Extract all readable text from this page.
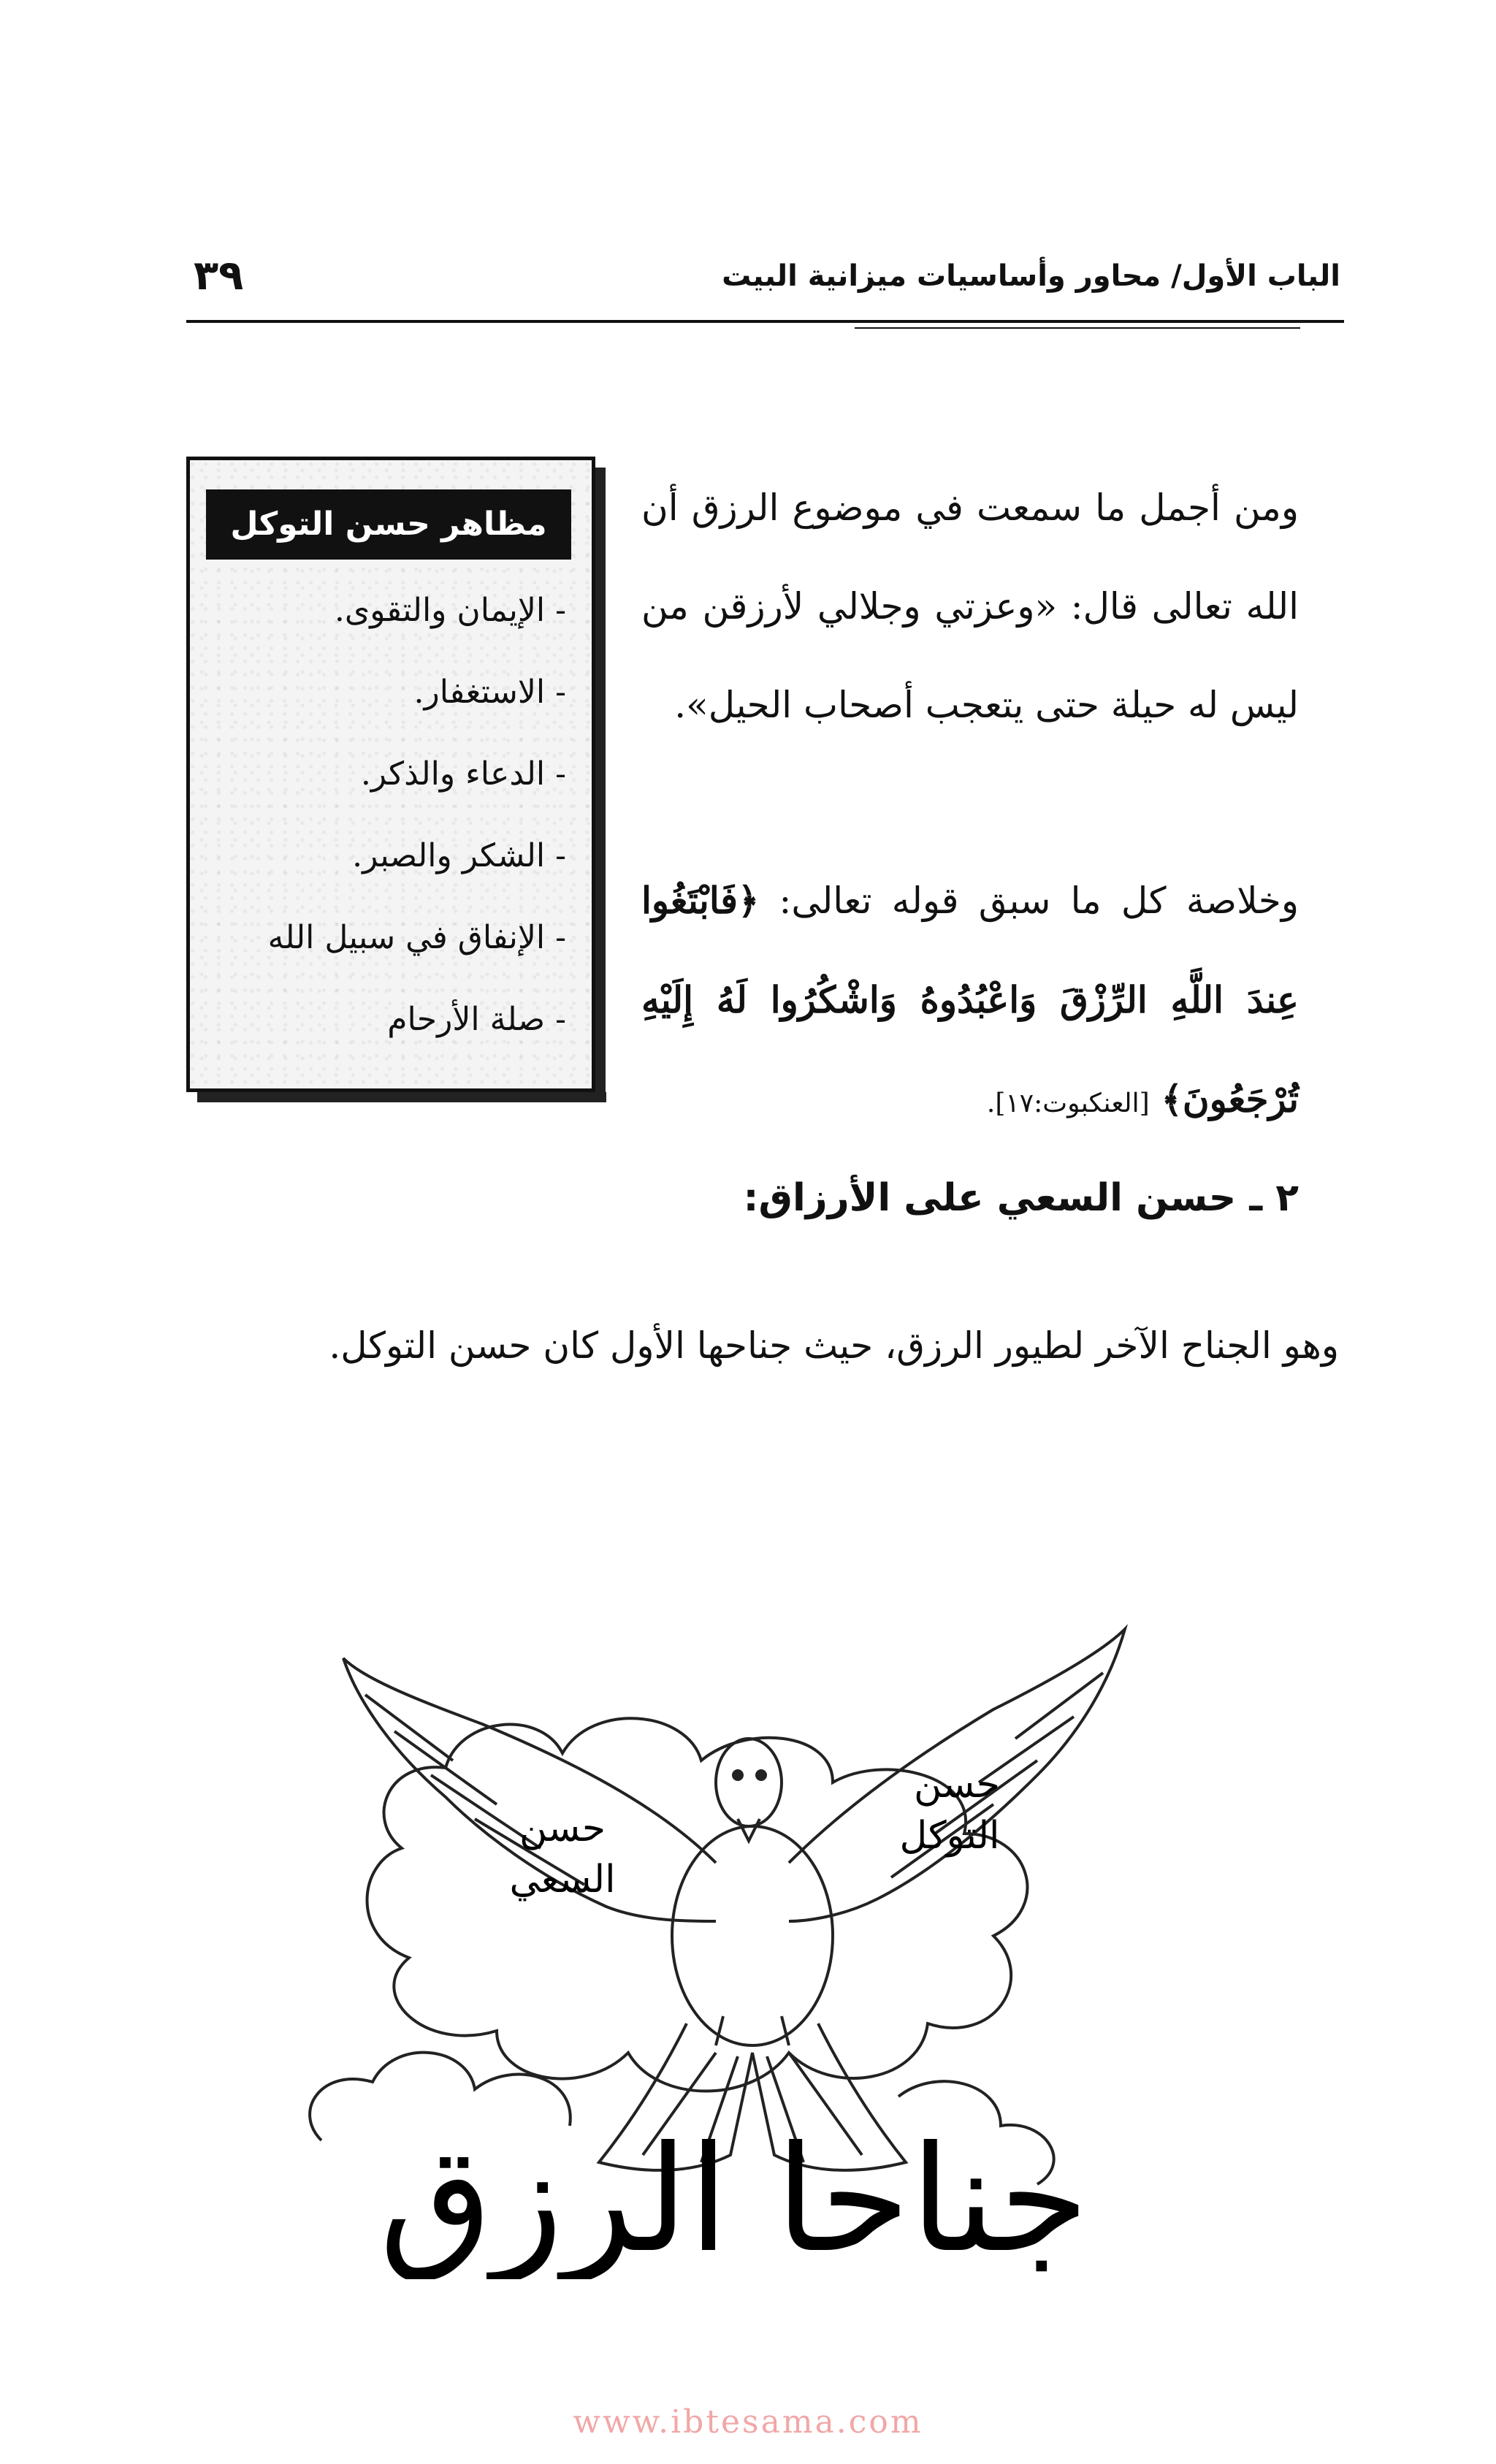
الباب الأول/ محاور وأساسيات ميزانية البيت
٣٩
مظاهر حسن التوكل
- الإيمان والتقوى.
- الاستغفار.
- الدعاء والذكر.
- الشكر والصبر.
- الإنفاق في سبيل الله
- صلة الأرحام
ومن أجمل ما سمعت في موضوع الرزق أن الله تعالى قال: «وعزتي وجلالي لأرزقن من ليس له حيلة حتى يتعجب أصحاب الحيل».
وخلاصة كل ما سبق قوله تعالى: ﴿فَابْتَغُوا عِندَ اللَّهِ الرِّزْقَ وَاعْبُدُوهُ وَاشْكُرُوا لَهُ إِلَيْهِ تُرْجَعُونَ﴾ [العنكبوت:١٧].
٢ ـ حسن السعي على الأرزاق:
وهو الجناح الآخر لطيور الرزق، حيث جناحها الأول كان حسن التوكل.
حسن
السعي
حسن
التوكل
جناحا الرزق
www.ibtesama.com
